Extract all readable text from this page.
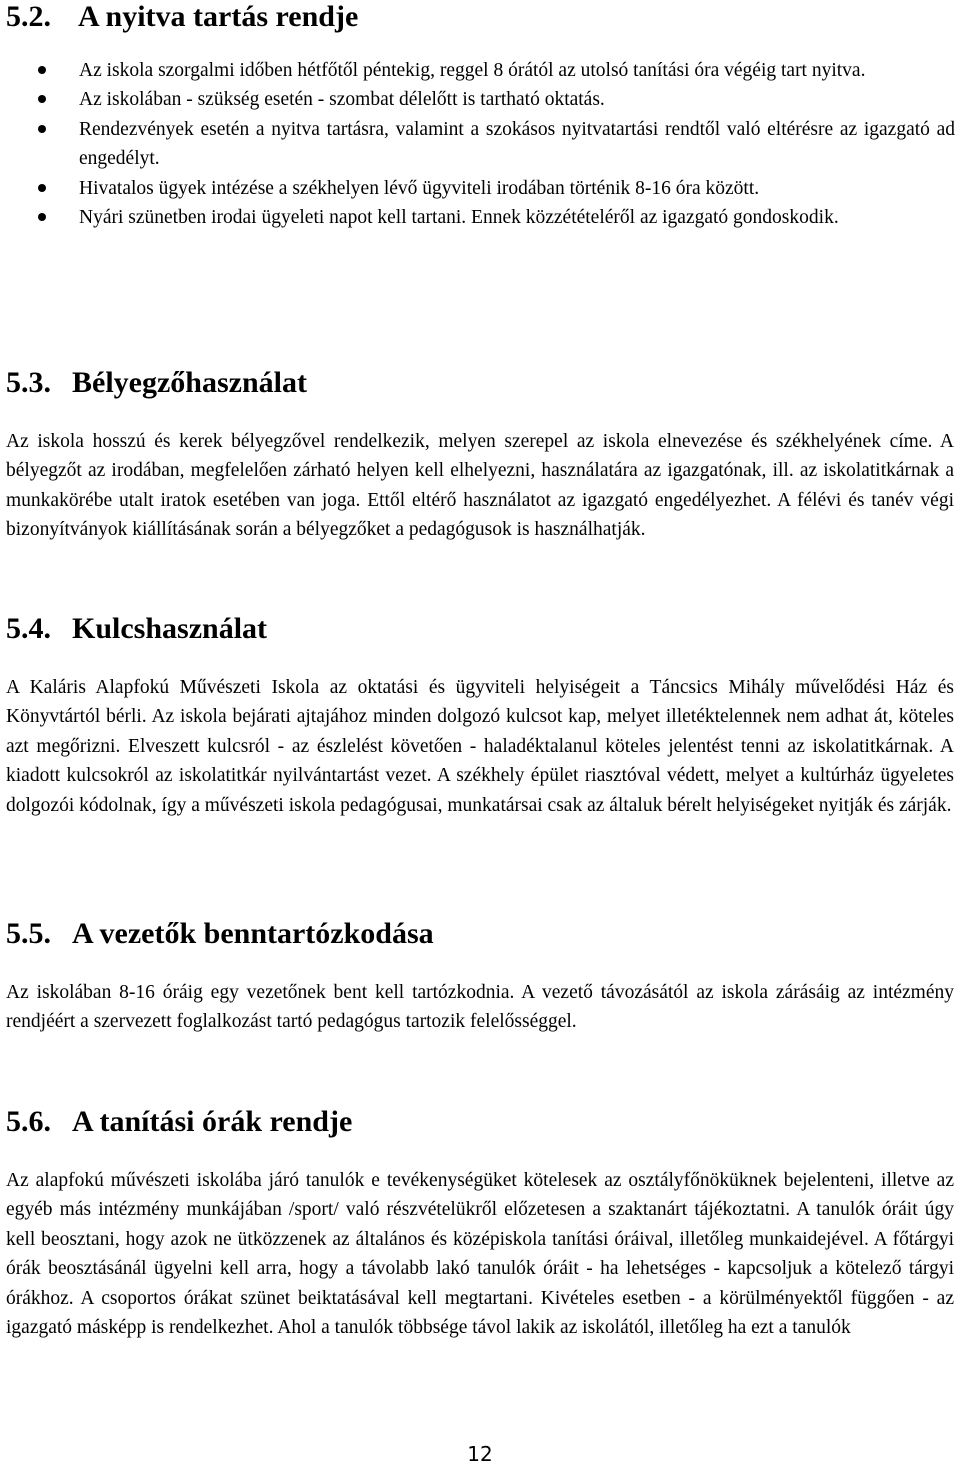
5.2. A nyitva tartás rendje
Az iskola szorgalmi időben hétfőtől péntekig, reggel 8 órától az utolsó tanítási óra végéig tart nyitva.
Az iskolában - szükség esetén - szombat délelőtt is tartható oktatás.
Rendezvények esetén a nyitva tartásra, valamint a szokásos nyitvatartási rendtől való eltérésre az igazgató ad engedélyt.
Hivatalos ügyek intézése a székhelyen lévő ügyviteli irodában történik 8-16 óra között.
Nyári szünetben irodai ügyeleti napot kell tartani. Ennek közzétételéről az igazgató gondoskodik.
5.3. Bélyegzőhasználat

Az iskola hosszú és kerek bélyegzővel rendelkezik, melyen szerepel az iskola elnevezése és székhelyének címe. A bélyegzőt az irodában, megfelelően zárható helyen kell elhelyezni, használatára az igazgatónak, ill. az iskolatitkárnak a munkakörébe utalt iratok esetében van joga. Ettől eltérő használatot az igazgató engedélyezhet. A félévi és tanév végi bizonyítványok kiállításának során a bélyegzőket a pedagógusok is használhatják.

5.4. Kulcshasználat

A Kaláris Alapfokú Művészeti Iskola az oktatási és ügyviteli helyiségeit a Táncsics Mihály művelődési Ház és Könyvtártól bérli. Az iskola bejárati ajtajához minden dolgozó kulcsot kap, melyet illetéktelennek nem adhat át, köteles azt megőrizni. Elveszett kulcsról - az észlelést követően - haladéktalanul köteles jelentést tenni az iskolatitkárnak. A kiadott kulcsokról az iskolatitkár nyilvántartást vezet. A székhely épület riasztóval védett, melyet a kultúrház ügyeletes dolgozói kódolnak, így a művészeti iskola pedagógusai, munkatársai csak az általuk bérelt helyiségeket nyitják és zárják.

5.5. A vezetők benntartózkodása

Az iskolában 8-16 óráig egy vezetőnek bent kell tartózkodnia. A vezető távozásától az iskola zárásáig az intézmény rendjéért a szervezett foglalkozást tartó pedagógus tartozik felelősséggel.

5.6. A tanítási órák rendje

Az alapfokú művészeti iskolába járó tanulók e tevékenységüket kötelesek az osztályfőnöküknek bejelenteni, illetve az egyéb más intézmény munkájában /sport/ való részvételükről előzetesen a szaktanárt tájékoztatni. A tanulók óráit úgy kell beosztani, hogy azok ne ütközzenek az általános és középiskola tanítási óráival, illetőleg munkaidejével. A főtárgyi órák beosztásánál ügyelni kell arra, hogy a távolabb lakó tanulók óráit - ha lehetséges - kapcsoljuk a kötelező tárgyi órákhoz. A csoportos órákat szünet beiktatásával kell megtartani. Kivételes esetben - a körülményektől függően - az igazgató másképp is rendelkezhet. Ahol a tanulók többsége távol lakik az iskolától, illetőleg ha ezt a tanulók

12
